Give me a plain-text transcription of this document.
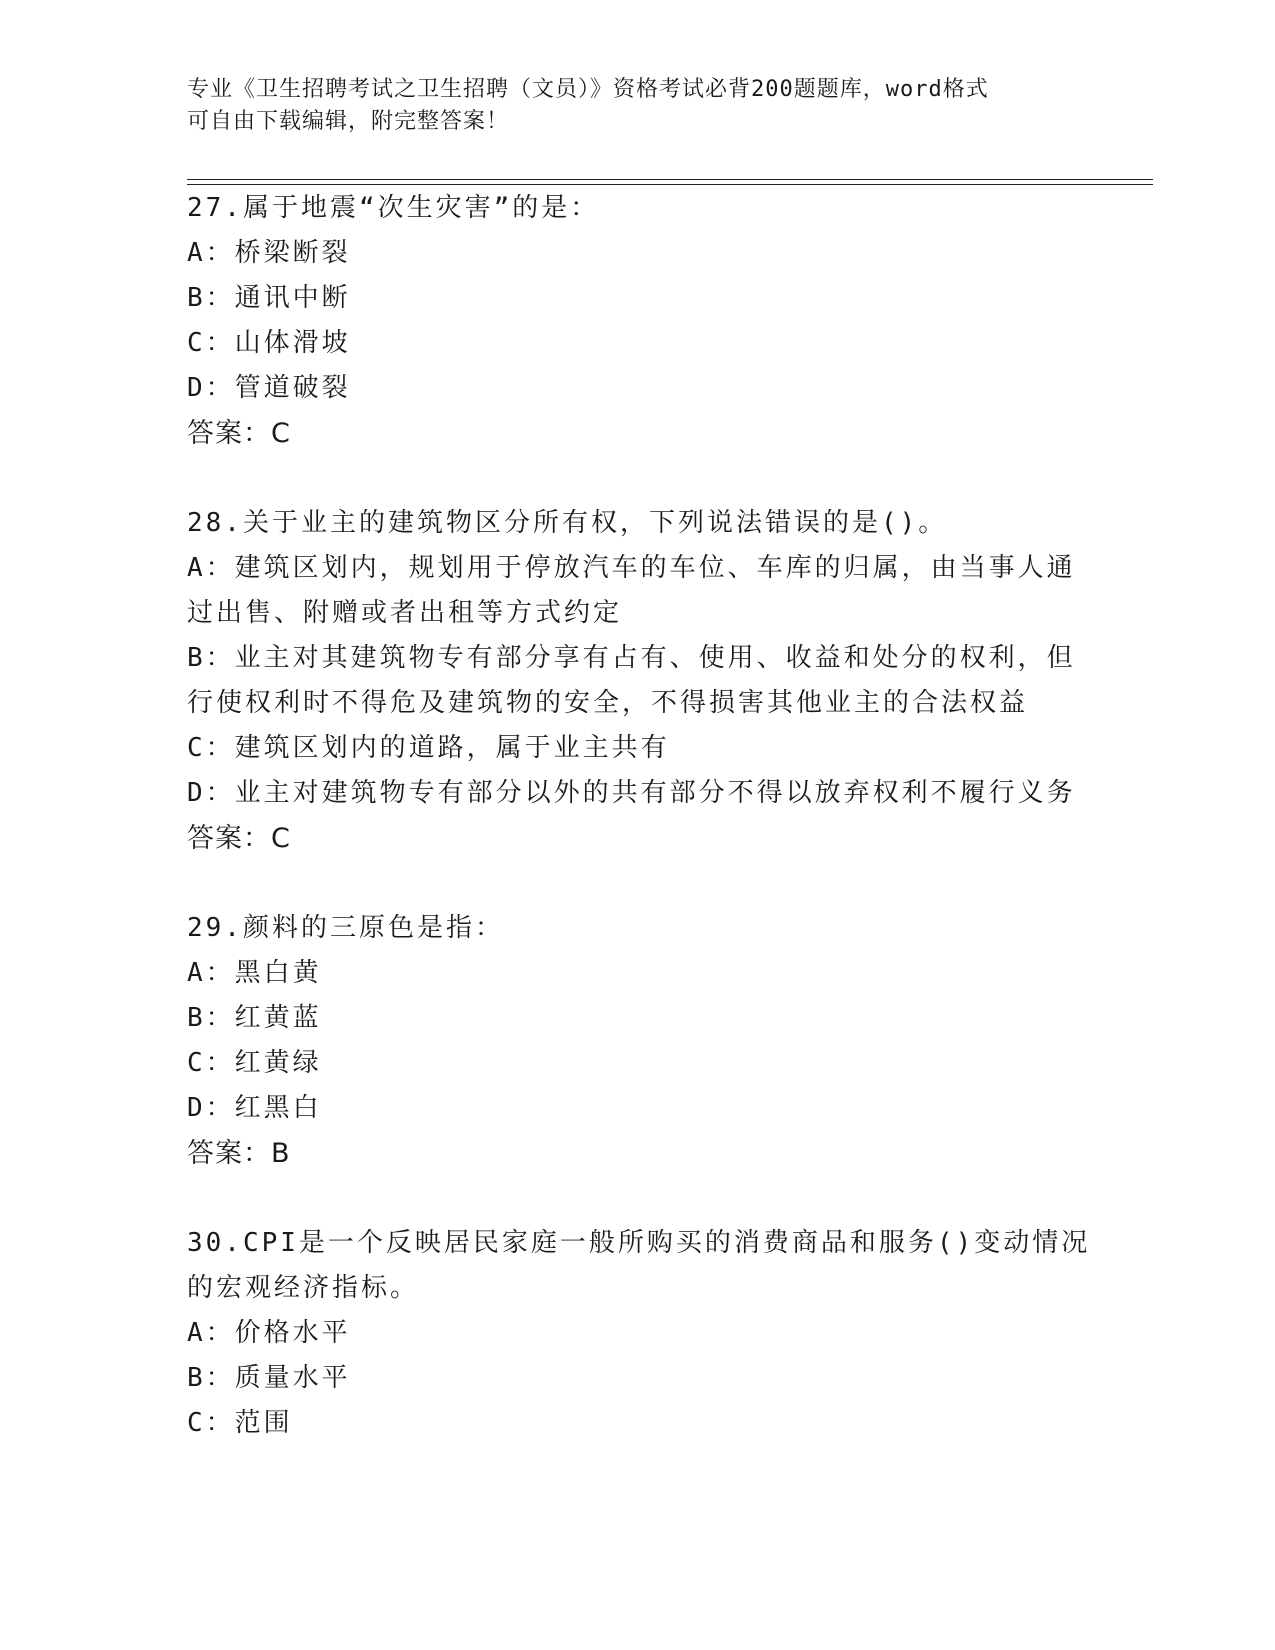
专业《卫生招聘考试之卫生招聘（文员）》资格考试必背200题题库，word格式
可自由下载编辑，附完整答案！
27.属于地震“次生灾害”的是：
A：桥梁断裂
B：通讯中断
C：山体滑坡
D：管道破裂
答案：C
28.关于业主的建筑物区分所有权，下列说法错误的是()。
A：建筑区划内，规划用于停放汽车的车位、车库的归属，由当事人通
过出售、附赠或者出租等方式约定
B：业主对其建筑物专有部分享有占有、使用、收益和处分的权利，但
行使权利时不得危及建筑物的安全，不得损害其他业主的合法权益
C：建筑区划内的道路，属于业主共有
D：业主对建筑物专有部分以外的共有部分不得以放弃权利不履行义务
答案：C
29.颜料的三原色是指：
A：黑白黄
B：红黄蓝
C：红黄绿
D：红黑白
答案：B
30.CPI是一个反映居民家庭一般所购买的消费商品和服务()变动情况
的宏观经济指标。
A：价格水平
B：质量水平
C：范围
